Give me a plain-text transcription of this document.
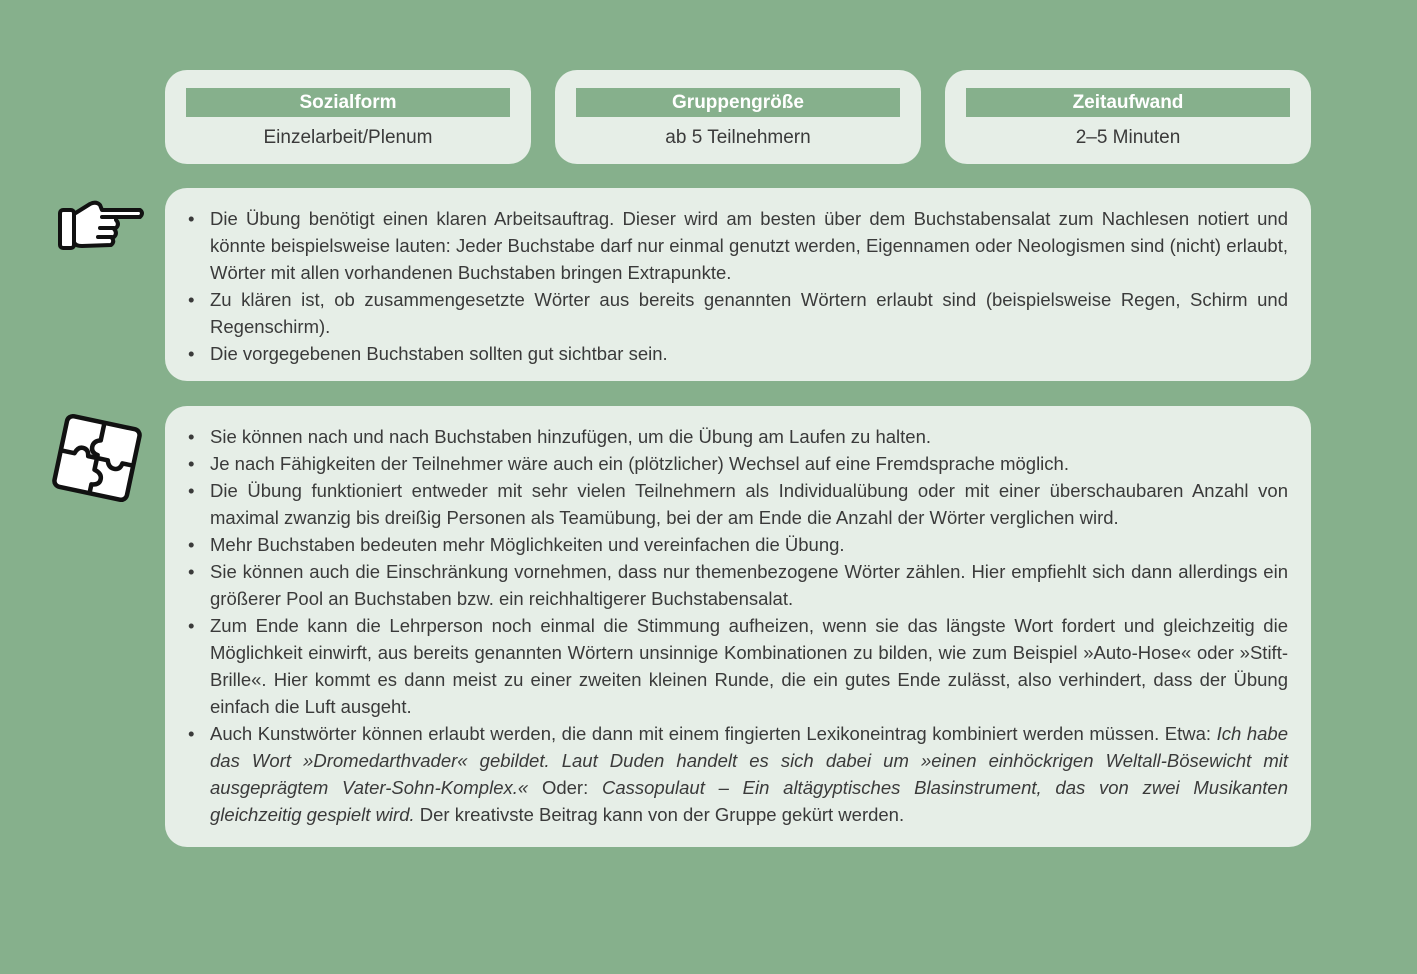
Sozialform
Einzelarbeit/Plenum
Gruppengröße
ab 5 Teilnehmern
Zeitaufwand
2–5 Minuten
• Die Übung benötigt einen klaren Arbeitsauftrag. Dieser wird am besten über dem Buchstabensalat zum Nachlesen notiert und könnte beispielsweise lauten: Jeder Buchstabe darf nur einmal genutzt werden, Eigennamen oder Neologismen sind (nicht) erlaubt, Wörter mit allen vorhandenen Buchstaben bringen Extrapunkte.
• Zu klären ist, ob zusammengesetzte Wörter aus bereits genannten Wörtern erlaubt sind (beispielsweise Regen, Schirm und Regenschirm).
• Die vorgegebenen Buchstaben sollten gut sichtbar sein.
• Sie können nach und nach Buchstaben hinzufügen, um die Übung am Laufen zu halten.
• Je nach Fähigkeiten der Teilnehmer wäre auch ein (plötzlicher) Wechsel auf eine Fremdsprache möglich.
• Die Übung funktioniert entweder mit sehr vielen Teilnehmern als Individualübung oder mit einer überschaubaren Anzahl von maximal zwanzig bis dreißig Personen als Teamübung, bei der am Ende die Anzahl der Wörter verglichen wird.
• Mehr Buchstaben bedeuten mehr Möglichkeiten und vereinfachen die Übung.
• Sie können auch die Einschränkung vornehmen, dass nur themenbezogene Wörter zählen. Hier empfiehlt sich dann allerdings ein größerer Pool an Buchstaben bzw. ein reichhaltigerer Buchstabensalat.
• Zum Ende kann die Lehrperson noch einmal die Stimmung aufheizen, wenn sie das längste Wort fordert und gleichzeitig die Möglichkeit einwirft, aus bereits genannten Wörtern unsinnige Kombinationen zu bilden, wie zum Beispiel »Auto-Hose« oder »Stift-Brille«. Hier kommt es dann meist zu einer zweiten kleinen Runde, die ein gutes Ende zulässt, also verhindert, dass der Übung einfach die Luft ausgeht.
• Auch Kunstwörter können erlaubt werden, die dann mit einem fingierten Lexikoneintrag kombiniert werden müssen. Etwa: Ich habe das Wort »Dromedarthvader« gebildet. Laut Duden handelt es sich dabei um »einen einhöckrigen Weltall-Bösewicht mit ausgeprägtem Vater-Sohn-Komplex.« Oder: Cassopulaut – Ein altägyptisches Blasinstrument, das von zwei Musikanten gleichzeitig gespielt wird. Der kreativste Beitrag kann von der Gruppe gekürt werden.
